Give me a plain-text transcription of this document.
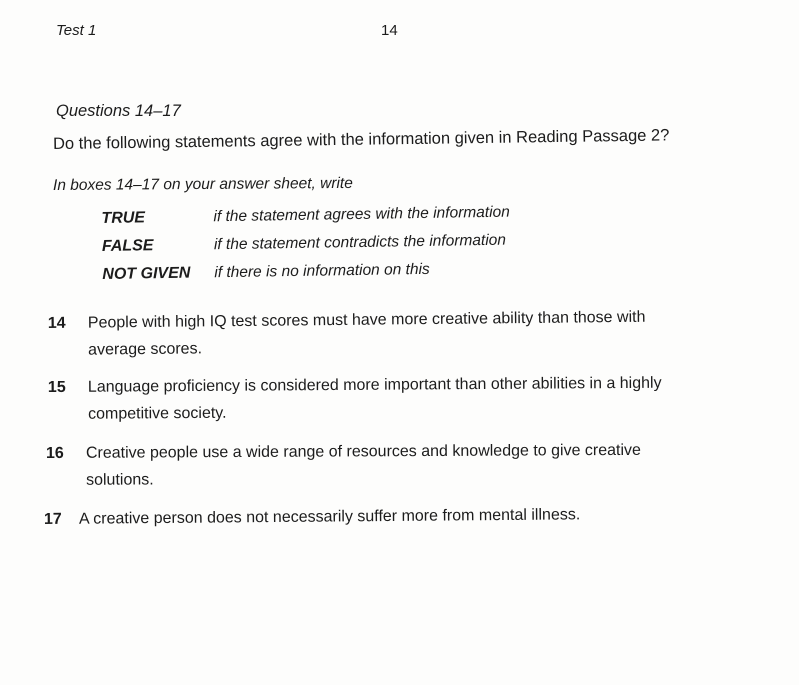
Test 1	14
Questions 14–17
Do the following statements agree with the information given in Reading Passage 2?
In boxes 14–17 on your answer sheet, write
TRUE	if the statement agrees with the information
FALSE	if the statement contradicts the information
NOT GIVEN	if there is no information on this
14	People with high IQ test scores must have more creative ability than those with
average scores.
15	Language proficiency is considered more important than other abilities in a highly
competitive society.
16	Creative people use a wide range of resources and knowledge to give creative
solutions.
17	A creative person does not necessarily suffer more from mental illness.
